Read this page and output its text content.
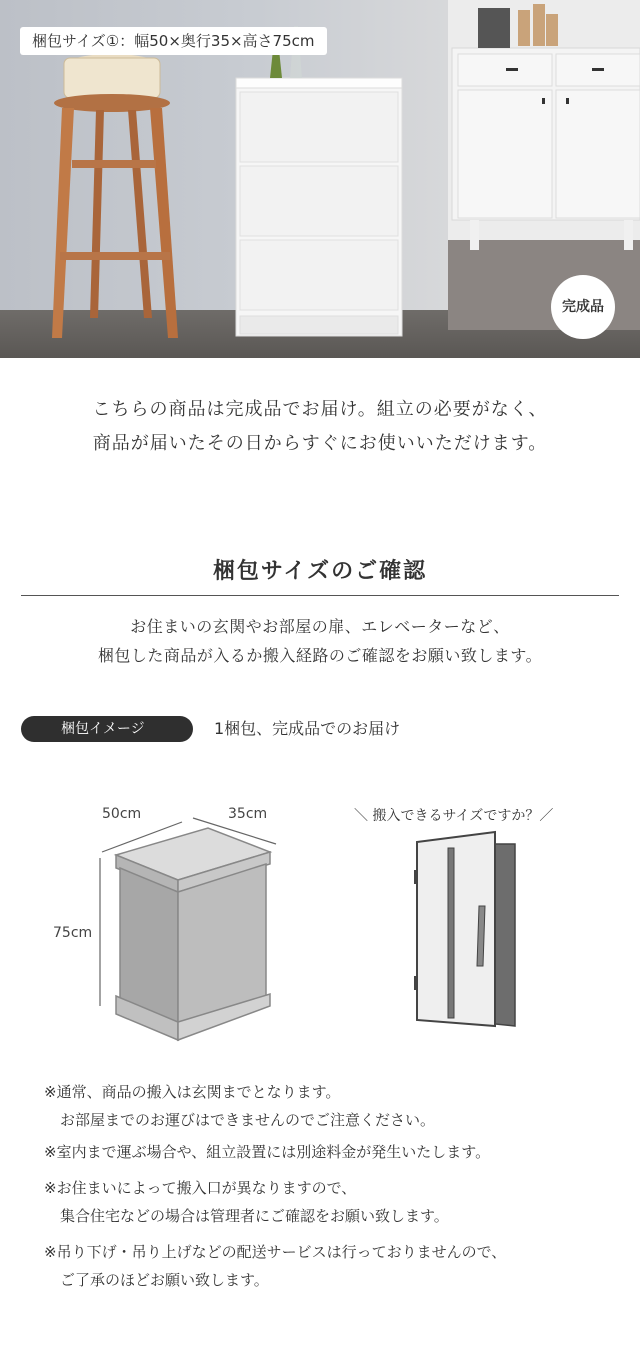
梱包サイズ①：幅50×奥行35×高さ75cm
完成品
こちらの商品は完成品でお届け。組立の必要がなく、
商品が届いたその日からすぐにお使いいただけます。
梱包サイズのご確認
お住まいの玄関やお部屋の扉、エレベーターなど、
梱包した商品が入るか搬入経路のご確認をお願い致します。
梱包イメージ	1梱包、完成品でのお届け
50cm	35cm
75cm
＼ 搬入できるサイズですか？／
※通常、商品の搬入は玄関までとなります。
お部屋までのお運びはできませんのでご注意ください。
※室内まで運ぶ場合や、組立設置には別途料金が発生いたします。
※お住まいによって搬入口が異なりますので、
集合住宅などの場合は管理者にご確認をお願い致します。
※吊り下げ・吊り上げなどの配送サービスは行っておりませんので、
ご了承のほどお願い致します。
